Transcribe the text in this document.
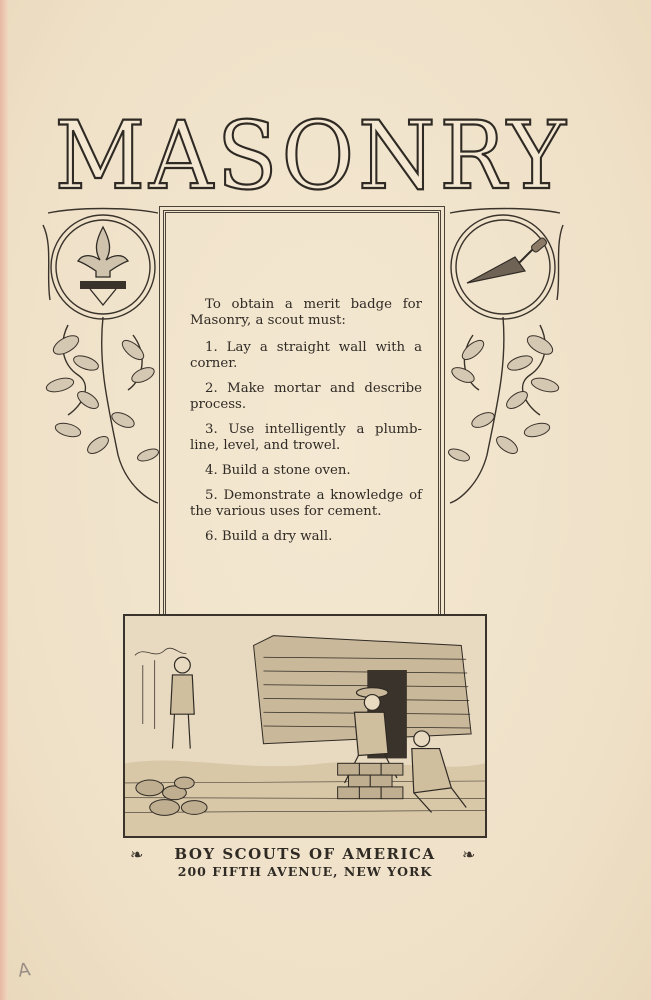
MASONRY

To obtain a merit badge for Masonry, a scout must:

1. Lay a straight wall with a corner.

2. Make mortar and describe process.

3. Use intelligently a plumb-line, level, and trowel.

4. Build a stone oven.

5. Demonstrate a knowledge of the various uses for cement.

6. Build a dry wall.

❧	❧
BOY SCOUTS OF AMERICA
200 FIFTH AVENUE, NEW YORK
A
